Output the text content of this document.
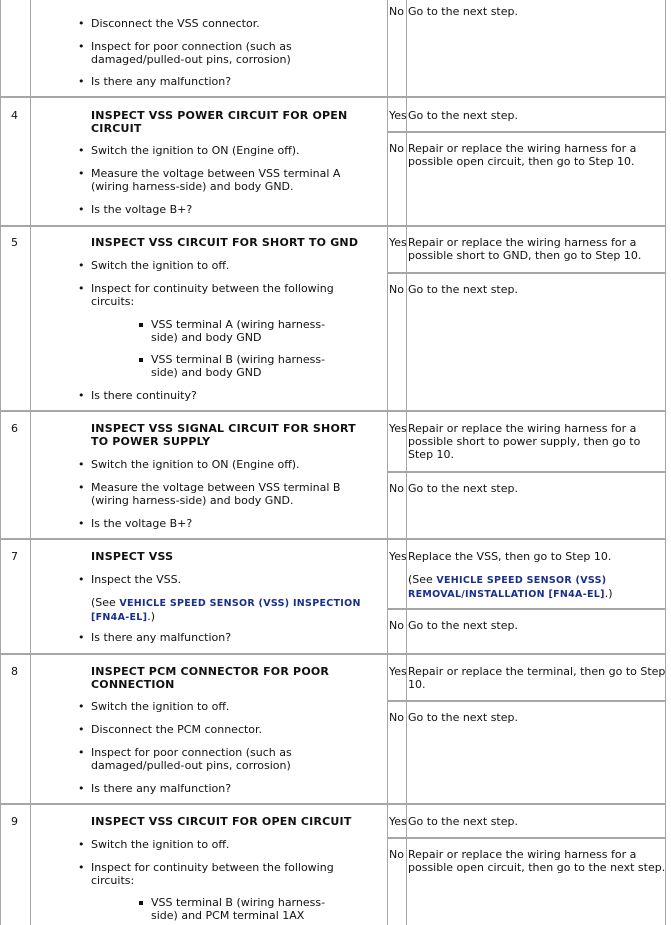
• Disconnect the VSS connector.
• Inspect for poor connection (such as damaged/pulled-out pins, corrosion)
• Is there any malfunction?
No Go to the next step.
4	INSPECT VSS POWER CIRCUIT FOR OPEN CIRCUIT
• Switch the ignition to ON (Engine off).
• Measure the voltage between VSS terminal A (wiring harness-side) and body GND.
• Is the voltage B+?
Yes Go to the next step.
No Repair or replace the wiring harness for a possible open circuit, then go to Step 10.
5	INSPECT VSS CIRCUIT FOR SHORT TO GND
• Switch the ignition to off.
• Inspect for continuity between the following circuits:
VSS terminal A (wiring harness-side) and body GND
VSS terminal B (wiring harness-side) and body GND
• Is there continuity?
Yes Repair or replace the wiring harness for a possible short to GND, then go to Step 10.
No Go to the next step.
6	INSPECT VSS SIGNAL CIRCUIT FOR SHORT TO POWER SUPPLY
• Switch the ignition to ON (Engine off).
• Measure the voltage between VSS terminal B (wiring harness-side) and body GND.
• Is the voltage B+?
Yes Repair or replace the wiring harness for a possible short to power supply, then go to Step 10.
No Go to the next step.
7	INSPECT VSS
• Inspect the VSS.
(See VEHICLE SPEED SENSOR (VSS) INSPECTION [FN4A-EL].)
• Is there any malfunction?
Yes Replace the VSS, then go to Step 10.
(See VEHICLE SPEED SENSOR (VSS) REMOVAL/INSTALLATION [FN4A-EL].)
No Go to the next step.
8	INSPECT PCM CONNECTOR FOR POOR CONNECTION
• Switch the ignition to off.
• Disconnect the PCM connector.
• Inspect for poor connection (such as damaged/pulled-out pins, corrosion)
• Is there any malfunction?
Yes Repair or replace the terminal, then go to Step 10.
No Go to the next step.
9	INSPECT VSS CIRCUIT FOR OPEN CIRCUIT
• Switch the ignition to off.
• Inspect for continuity between the following circuits:
VSS terminal B (wiring harness-side) and PCM terminal 1AX
Yes Go to the next step.
No Repair or replace the wiring harness for a possible open circuit, then go to the next step.
